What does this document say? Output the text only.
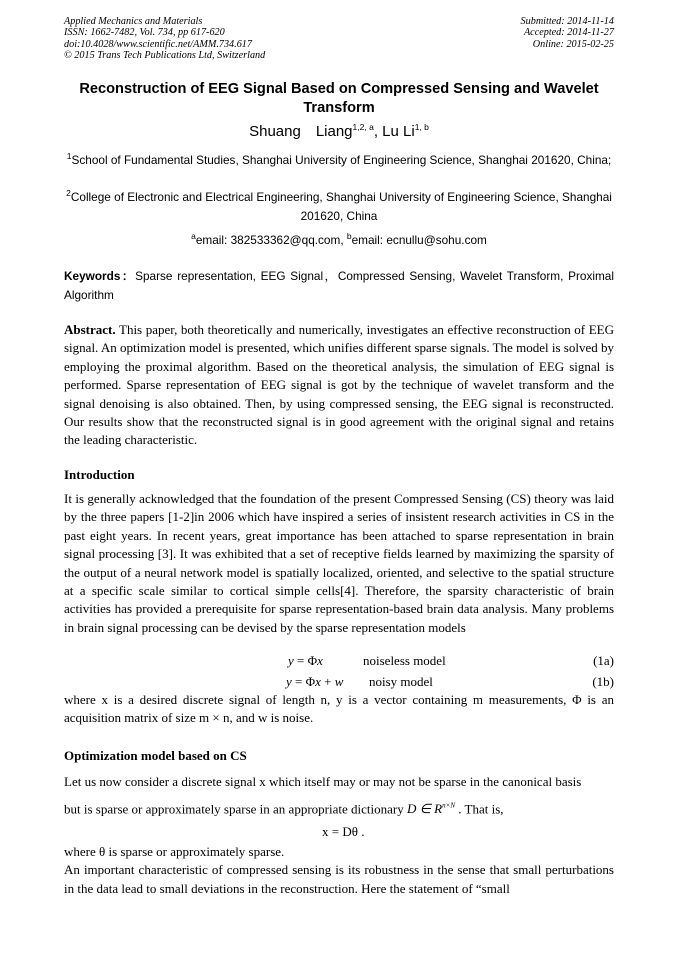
Applied Mechanics and Materials
ISSN: 1662-7482, Vol. 734, pp 617-620
doi:10.4028/www.scientific.net/AMM.734.617
© 2015 Trans Tech Publications Ltd, Switzerland
Submitted: 2014-11-14
Accepted: 2014-11-27
Online: 2015-02-25
Reconstruction of EEG Signal Based on Compressed Sensing and Wavelet Transform
Shuang　Liang$^{1,2, a}$, Lu Li$^{1, b}$
$^1$School of Fundamental Studies, Shanghai University of Engineering Science, Shanghai 201620, China;
$^2$College of Electronic and Electrical Engineering, Shanghai University of Engineering Science, Shanghai 201620, China
$^a$email: 382533362@qq.com, $^b$email: ecnullu@sohu.com
Keywords：Sparse representation, EEG Signal，Compressed Sensing, Wavelet Transform, Proximal Algorithm
Abstract. This paper, both theoretically and numerically, investigates an effective reconstruction of EEG signal. An optimization model is presented, which unifies different sparse signals. The model is solved by employing the proximal algorithm. Based on the theoretical analysis, the simulation of EEG signal is performed. Sparse representation of EEG signal is got by the technique of wavelet transform and the signal denoising is also obtained. Then, by using compressed sensing, the EEG signal is reconstructed. Our results show that the reconstructed signal is in good agreement with the original signal and retains the leading characteristic.
Introduction
It is generally acknowledged that the foundation of the present Compressed Sensing (CS) theory was laid by the three papers [1-2]in 2006 which have inspired a series of insistent research activities in CS in the past eight years. In recent years, great importance has been attached to sparse representation in brain signal processing [3]. It was exhibited that a set of receptive fields learned by maximizing the sparsity of the output of a neural network model is spatially localized, oriented, and selective to the spatial structure at a specific scale similar to cortical simple cells[4]. Therefore, the sparsity characteristic of brain activities has provided a prerequisite for sparse representation-based brain data analysis. Many problems in brain signal processing can be devised by the sparse representation models
y = Φx	noiseless model	(1a)
y = Φx + w noisy model	(1b)
where x is a desired discrete signal of length n, y is a vector containing m measurements, Φ is an acquisition matrix of size m × n, and w is noise.
Optimization model based on CS
Let us now consider a discrete signal x which itself may or may not be sparse in the canonical basis
but is sparse or approximately sparse in an appropriate dictionary D ∈ $R^{n\times N}$ . That is,
x = Dθ .
where θ is sparse or approximately sparse.
An important characteristic of compressed sensing is its robustness in the sense that small perturbations in the data lead to small deviations in the reconstruction. Here the statement of “small
